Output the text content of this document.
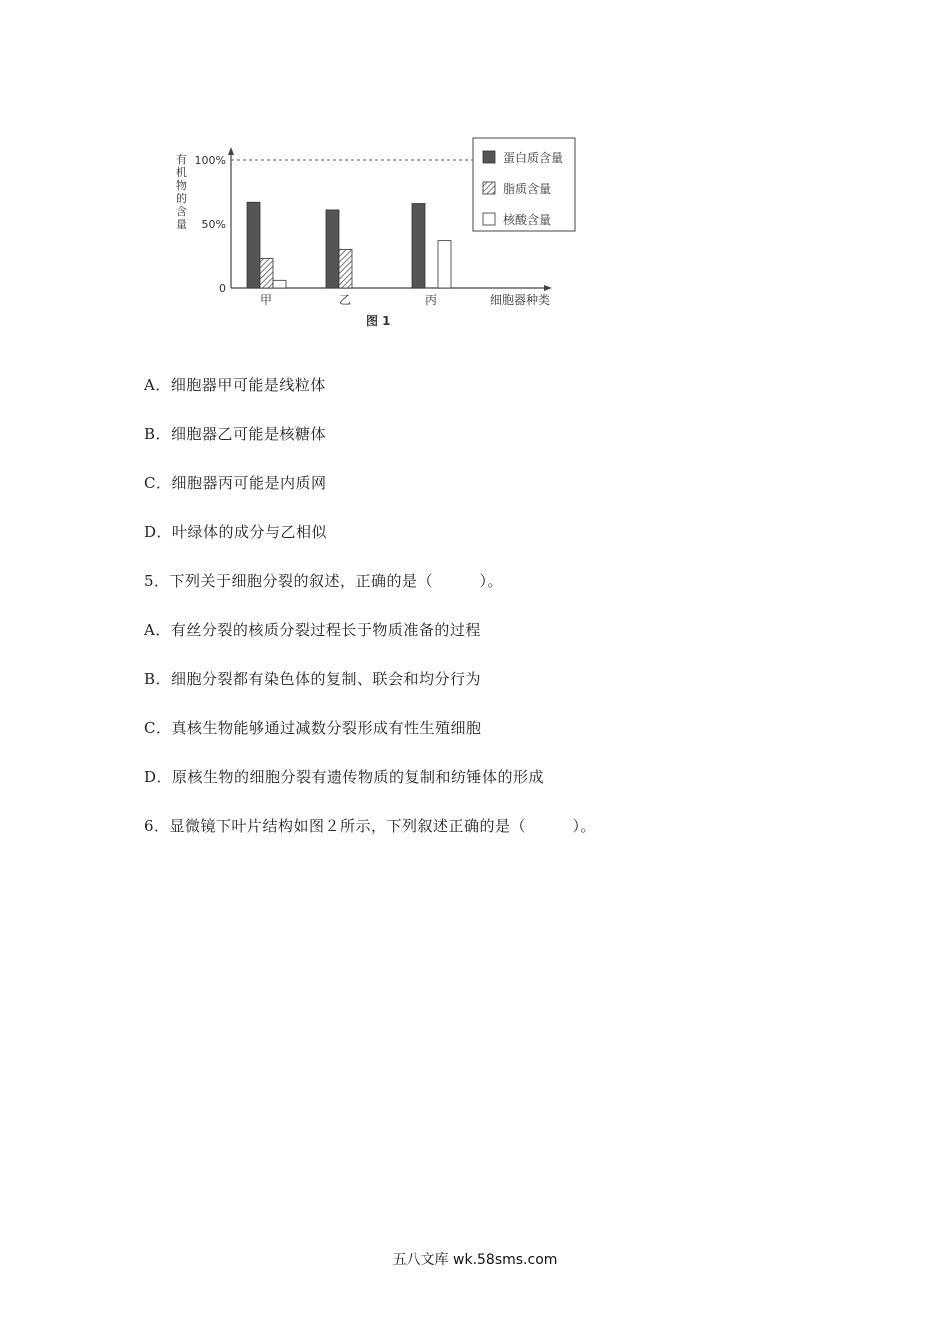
有
机
物
的
含
量
0
50%
100%
甲	乙	丙	细胞器种类
图 1
蛋白质含量
脂质含量
核酸含量
A．细胞器甲可能是线粒体
B．细胞器乙可能是核糖体
C．细胞器丙可能是内质网
D．叶绿体的成分与乙相似
5．下列关于细胞分裂的叙述，正确的是（　　　）。
A．有丝分裂的核质分裂过程长于物质准备的过程
B．细胞分裂都有染色体的复制、联会和均分行为
C．真核生物能够通过减数分裂形成有性生殖细胞
D．原核生物的细胞分裂有遗传物质的复制和纺锤体的形成
6．显微镜下叶片结构如图２所示，下列叙述正确的是（　　　）。
五八文库 wk.58sms.com
